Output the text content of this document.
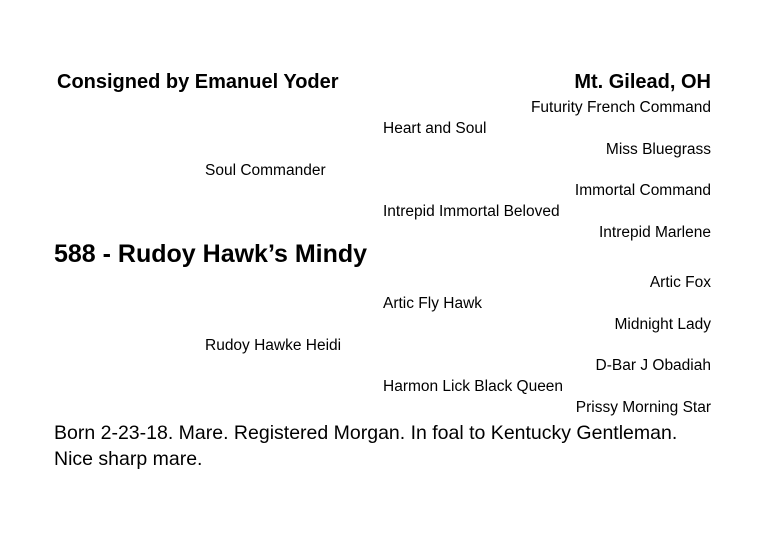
Consigned by Emanuel Yoder	Mt. Gilead, OH
Futurity French Command
Heart and Soul
Miss Bluegrass
Soul Commander
Immortal Command
Intrepid Immortal Beloved
Intrepid Marlene
588 - Rudoy Hawk’s Mindy
Artic Fox
Artic Fly Hawk
Midnight Lady
Rudoy Hawke Heidi
D-Bar J Obadiah
Harmon Lick Black Queen
Prissy Morning Star
Born 2-23-18. Mare. Registered Morgan. In foal to Kentucky Gentleman. Nice sharp mare.
